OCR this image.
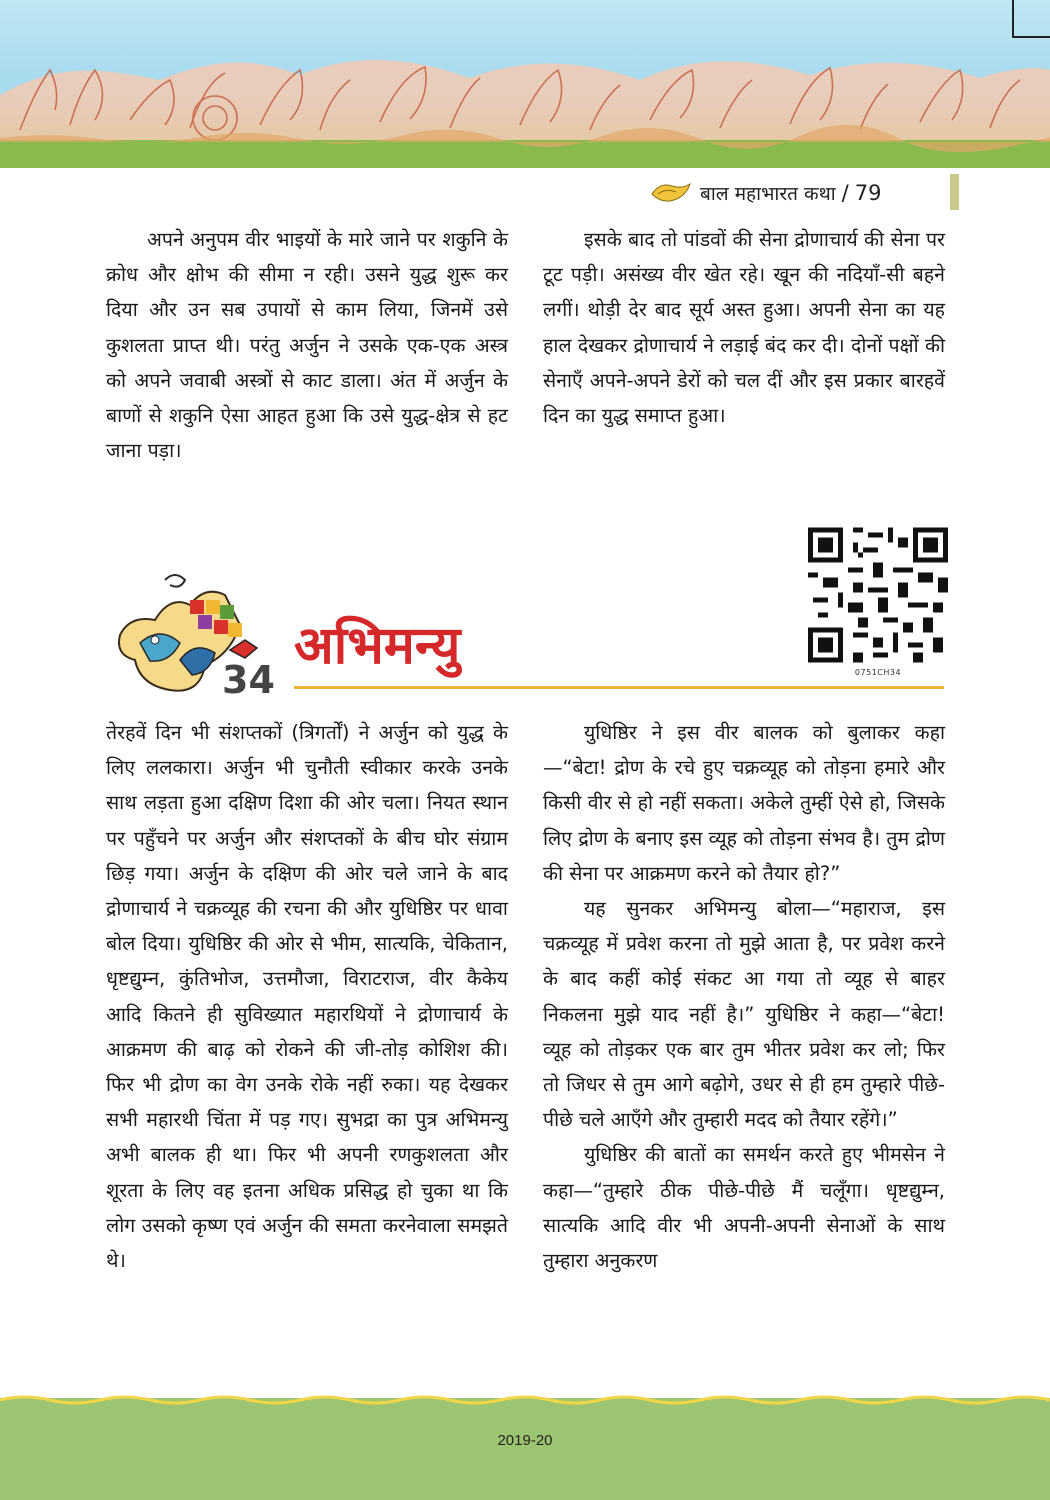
बाल महाभारत कथा / 79

अपने अनुपम वीर भाइयों के मारे जाने पर शकुनि के क्रोध और क्षोभ की सीमा न रही। उसने युद्ध शुरू कर दिया और उन सब उपायों से काम लिया, जिनमें उसे कुशलता प्राप्त थी। परंतु अर्जुन ने उसके एक-एक अस्त्र को अपने जवाबी अस्त्रों से काट डाला। अंत में अर्जुन के बाणों से शकुनि ऐसा आहत हुआ कि उसे युद्ध-क्षेत्र से हट जाना पड़ा।

इसके बाद तो पांडवों की सेना द्रोणाचार्य की सेना पर टूट पड़ी। असंख्य वीर खेत रहे। खून की नदियाँ-सी बहने लगीं। थोड़ी देर बाद सूर्य अस्त हुआ। अपनी सेना का यह हाल देखकर द्रोणाचार्य ने लड़ाई बंद कर दी। दोनों पक्षों की सेनाएँ अपने-अपने डेरों को चल दीं और इस प्रकार बारहवें दिन का युद्ध समाप्त हुआ।

0751CH34
34
अभिमन्यु

तेरहवें दिन भी संशप्तकों (त्रिगर्तों) ने अर्जुन को युद्ध के लिए ललकारा। अर्जुन भी चुनौती स्वीकार करके उनके साथ लड़ता हुआ दक्षिण दिशा की ओर चला। नियत स्थान पर पहुँचने पर अर्जुन और संशप्तकों के बीच घोर संग्राम छिड़ गया। अर्जुन के दक्षिण की ओर चले जाने के बाद द्रोणाचार्य ने चक्रव्यूह की रचना की और युधिष्ठिर पर धावा बोल दिया। युधिष्ठिर की ओर से भीम, सात्यकि, चेकितान, धृष्टद्युम्न, कुंतिभोज, उत्तमौजा, विराटराज, वीर कैकेय आदि कितने ही सुविख्यात महारथियों ने द्रोणाचार्य के आक्रमण की बाढ़ को रोकने की जी-तोड़ कोशिश की। फिर भी द्रोण का वेग उनके रोके नहीं रुका। यह देखकर सभी महारथी चिंता में पड़ गए। सुभद्रा का पुत्र अभिमन्यु अभी बालक ही था। फिर भी अपनी रणकुशलता और शूरता के लिए वह इतना अधिक प्रसिद्ध हो चुका था कि लोग उसको कृष्ण एवं अर्जुन की समता करनेवाला समझते थे।

युधिष्ठिर ने इस वीर बालक को बुलाकर कहा—“बेटा! द्रोण के रचे हुए चक्रव्यूह को तोड़ना हमारे और किसी वीर से हो नहीं सकता। अकेले तुम्हीं ऐसे हो, जिसके लिए द्रोण के बनाए इस व्यूह को तोड़ना संभव है। तुम द्रोण की सेना पर आक्रमण करने को तैयार हो?”

यह सुनकर अभिमन्यु बोला—“महाराज, इस चक्रव्यूह में प्रवेश करना तो मुझे आता है, पर प्रवेश करने के बाद कहीं कोई संकट आ गया तो व्यूह से बाहर निकलना मुझे याद नहीं है।” युधिष्ठिर ने कहा—“बेटा! व्यूह को तोड़कर एक बार तुम भीतर प्रवेश कर लो; फिर तो जिधर से तुम आगे बढ़ोगे, उधर से ही हम तुम्हारे पीछे-पीछे चले आएँगे और तुम्हारी मदद को तैयार रहेंगे।”

युधिष्ठिर की बातों का समर्थन करते हुए भीमसेन ने कहा—“तुम्हारे ठीक पीछे-पीछे मैं चलूँगा। धृष्टद्युम्न, सात्यकि आदि वीर भी अपनी-अपनी सेनाओं के साथ तुम्हारा अनुकरण

2019-20
